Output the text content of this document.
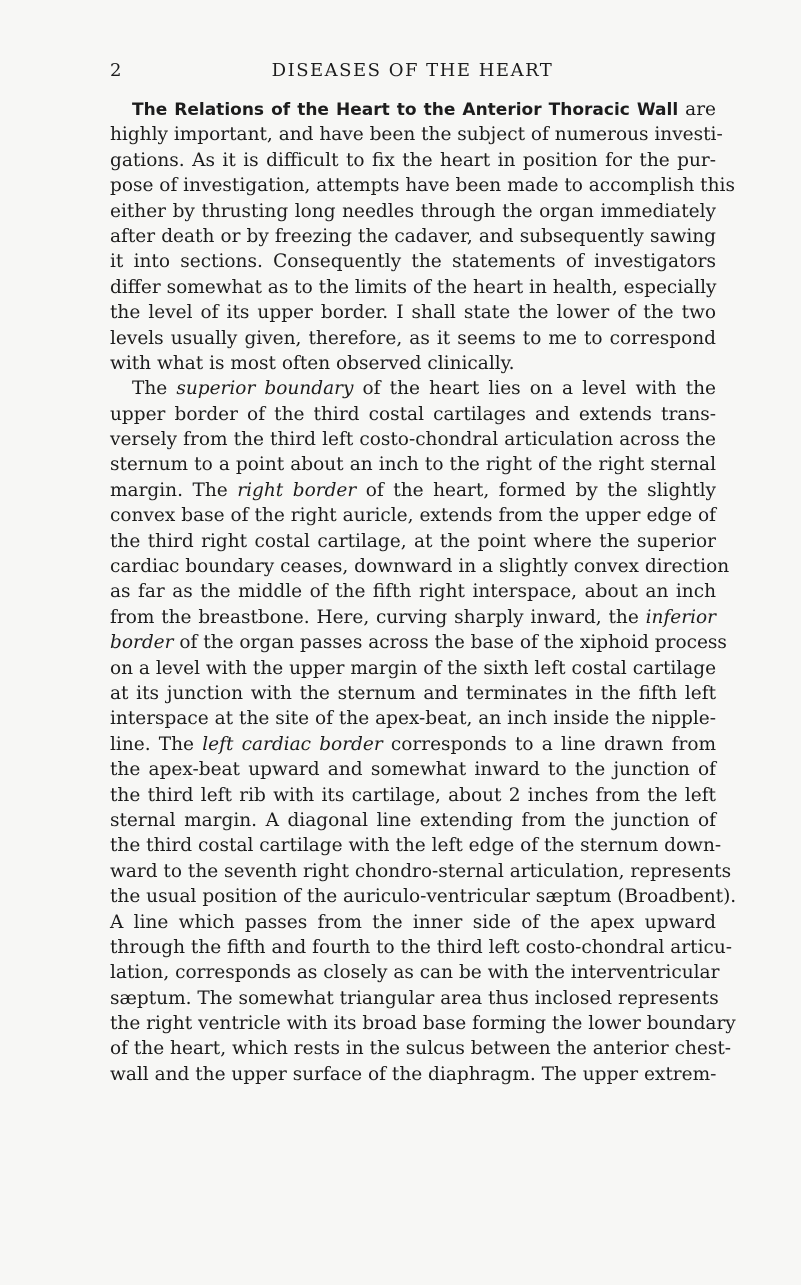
2	DISEASES OF THE HEART
The Relations of the Heart to the Anterior Thoracic Wall are
highly important, and have been the subject of numerous investi-
gations. As it is difficult to fix the heart in position for the pur-
pose of investigation, attempts have been made to accomplish this
either by thrusting long needles through the organ immediately
after death or by freezing the cadaver, and subsequently sawing
it into sections. Consequently the statements of investigators
differ somewhat as to the limits of the heart in health, especially
the level of its upper border. I shall state the lower of the two
levels usually given, therefore, as it seems to me to correspond
with what is most often observed clinically.
The superior boundary of the heart lies on a level with the
upper border of the third costal cartilages and extends trans-
versely from the third left costo-chondral articulation across the
sternum to a point about an inch to the right of the right sternal
margin. The right border of the heart, formed by the slightly
convex base of the right auricle, extends from the upper edge of
the third right costal cartilage, at the point where the superior
cardiac boundary ceases, downward in a slightly convex direction
as far as the middle of the fifth right interspace, about an inch
from the breastbone. Here, curving sharply inward, the inferior
border of the organ passes across the base of the xiphoid process
on a level with the upper margin of the sixth left costal cartilage
at its junction with the sternum and terminates in the fifth left
interspace at the site of the apex-beat, an inch inside the nipple-
line. The left cardiac border corresponds to a line drawn from
the apex-beat upward and somewhat inward to the junction of
the third left rib with its cartilage, about 2 inches from the left
sternal margin. A diagonal line extending from the junction of
the third costal cartilage with the left edge of the sternum down-
ward to the seventh right chondro-sternal articulation, represents
the usual position of the auriculo-ventricular sæptum (Broadbent).
A line which passes from the inner side of the apex upward
through the fifth and fourth to the third left costo-chondral articu-
lation, corresponds as closely as can be with the interventricular
sæptum. The somewhat triangular area thus inclosed represents
the right ventricle with its broad base forming the lower boundary
of the heart, which rests in the sulcus between the anterior chest-
wall and the upper surface of the diaphragm. The upper extrem-
